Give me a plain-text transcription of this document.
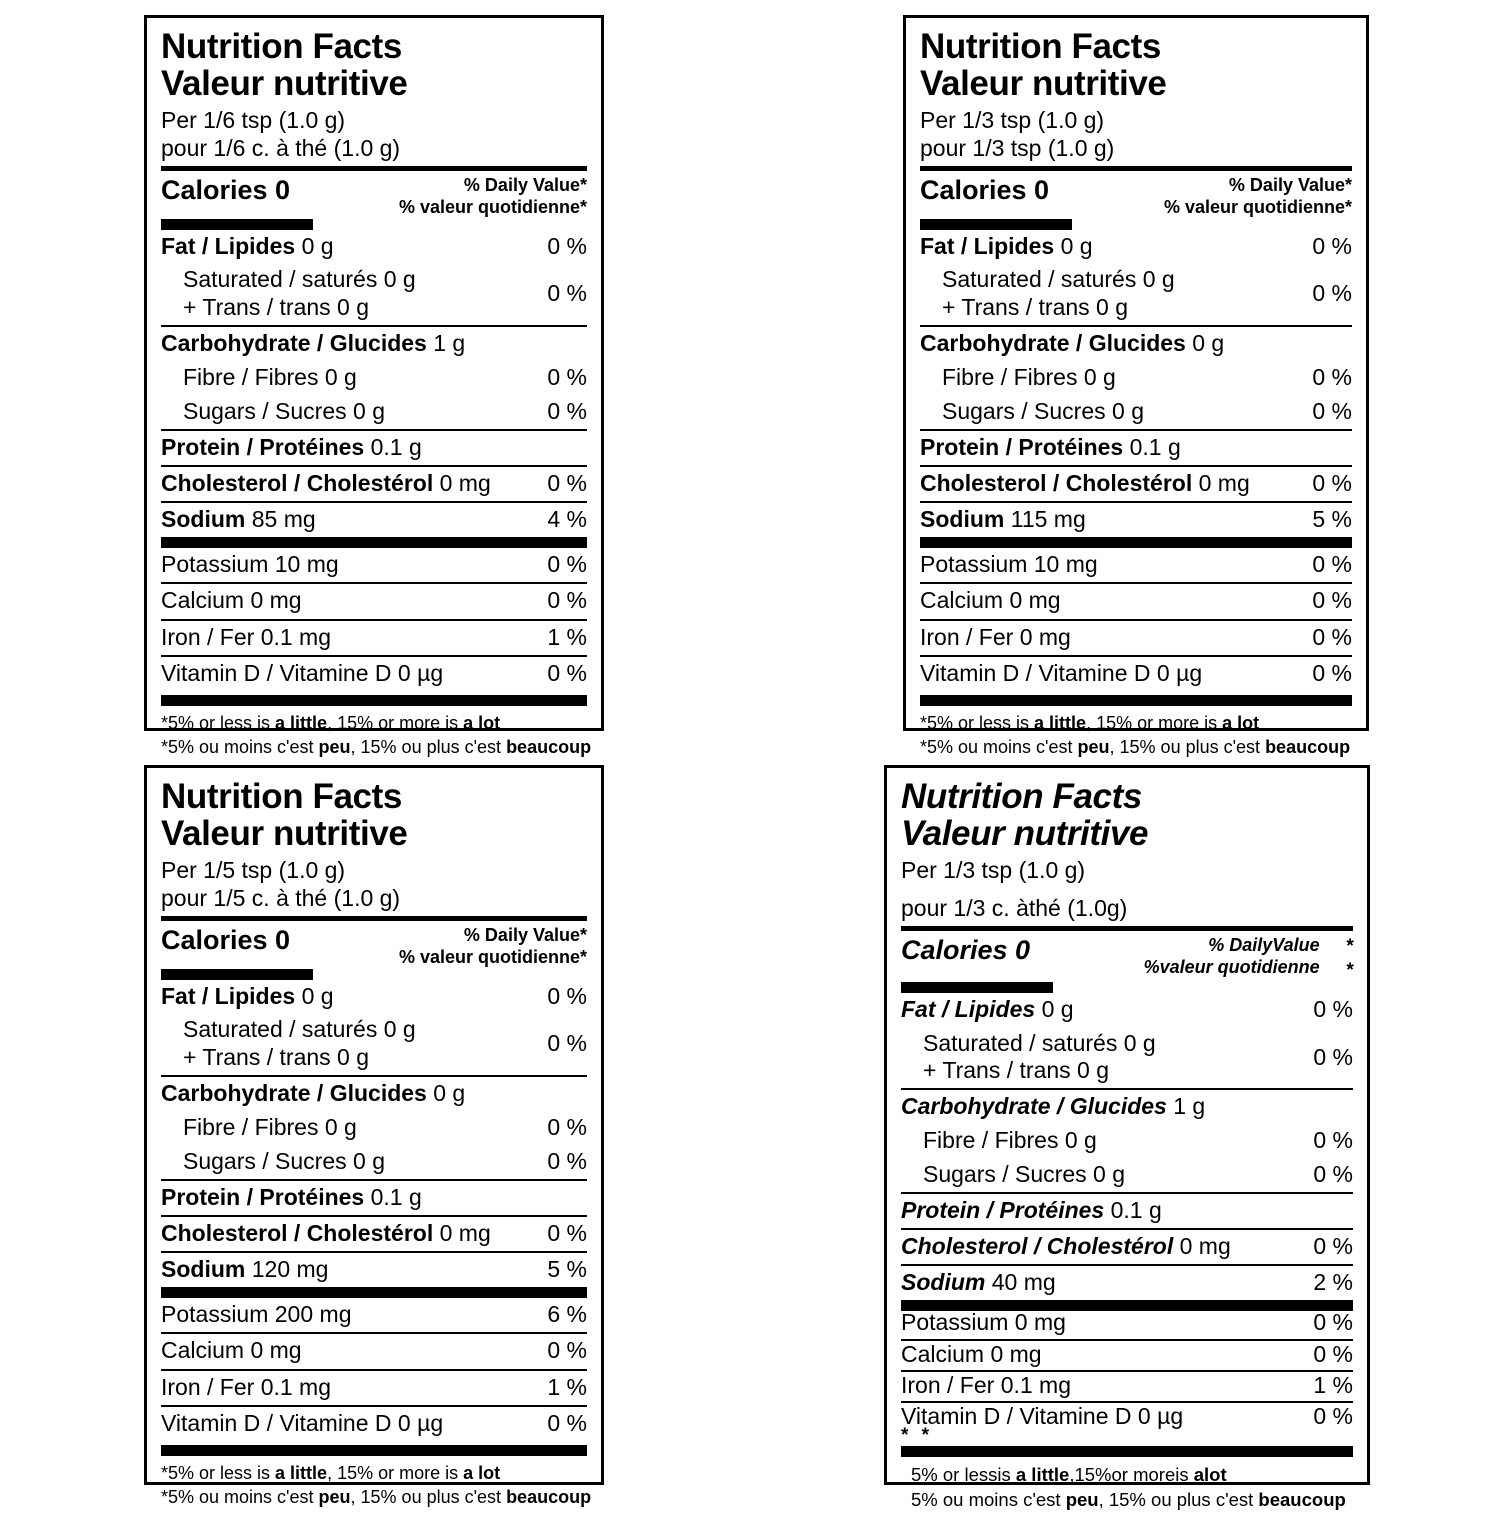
Nutrition Facts
Valeur nutritive
Per 1/6 tsp (1.0 g)
pour 1/6 c. à thé (1.0 g)
Calories 0	% Daily Value*
% valeur quotidienne*
Fat / Lipides 0 g	0 %
Saturated / saturés 0 g
+ Trans / trans 0 g
0 %
Carbohydrate / Glucides 1 g
Fibre / Fibres 0 g	0 %
Sugars / Sucres 0 g	0 %
Protein / Protéines 0.1 g
Cholesterol / Cholestérol 0 mg	0 %
Sodium 85 mg	4 %
Potassium 10 mg	0 %
Calcium 0 mg	0 %
Iron / Fer 0.1 mg	1 %
Vitamin D / Vitamine D 0 µg	0 %
*5% or less is a little, 15% or more is a lot
*5% ou moins c'est peu, 15% ou plus c'est beaucoup
Nutrition Facts
Valeur nutritive
Per 1/3 tsp (1.0 g)
pour 1/3 tsp (1.0 g)
Calories 0	% Daily Value*
% valeur quotidienne*
Fat / Lipides 0 g	0 %
Saturated / saturés 0 g
+ Trans / trans 0 g
0 %
Carbohydrate / Glucides 0 g
Fibre / Fibres 0 g	0 %
Sugars / Sucres 0 g	0 %
Protein / Protéines 0.1 g
Cholesterol / Cholestérol 0 mg	0 %
Sodium 115 mg	5 %
Potassium 10 mg	0 %
Calcium 0 mg	0 %
Iron / Fer 0 mg	0 %
Vitamin D / Vitamine D 0 µg	0 %
*5% or less is a little, 15% or more is a lot
*5% ou moins c'est peu, 15% ou plus c'est beaucoup
Nutrition Facts
Valeur nutritive
Per 1/5 tsp (1.0 g)
pour 1/5 c. à thé (1.0 g)
Calories 0	% Daily Value*
% valeur quotidienne*
Fat / Lipides 0 g	0 %
Saturated / saturés 0 g
+ Trans / trans 0 g
0 %
Carbohydrate / Glucides 0 g
Fibre / Fibres 0 g	0 %
Sugars / Sucres 0 g	0 %
Protein / Protéines 0.1 g
Cholesterol / Cholestérol 0 mg	0 %
Sodium 120 mg	5 %
Potassium 200 mg	6 %
Calcium 0 mg	0 %
Iron / Fer 0.1 mg	1 %
Vitamin D / Vitamine D 0 µg	0 %
*5% or less is a little, 15% or more is a lot
*5% ou moins c'est peu, 15% ou plus c'est beaucoup
Nutrition Facts
Valeur nutritive
Per 1/3 tsp (1.0 g)
pour 1/3 c. àthé (1.0g)
Calories 0	% DailyValue
%valeur quotidienne
*
*
Fat / Lipides 0 g	0 %
Saturated / saturés 0 g
+ Trans / trans 0 g
0 %
Carbohydrate / Glucides 1 g
Fibre / Fibres 0 g	0 %
Sugars / Sucres 0 g	0 %
Protein / Protéines 0.1 g
Cholesterol / Cholestérol 0 mg	0 %
Sodium 40 mg	2 %
Potassium 0 mg	0 %
Calcium 0 mg	0 %
Iron / Fer 0.1 mg	1 %
Vitamin D / Vitamine D 0 µg	0 %
* *
5% or lessis a little,15%or moreis alot
5% ou moins c'est peu, 15% ou plus c'est beaucoup
